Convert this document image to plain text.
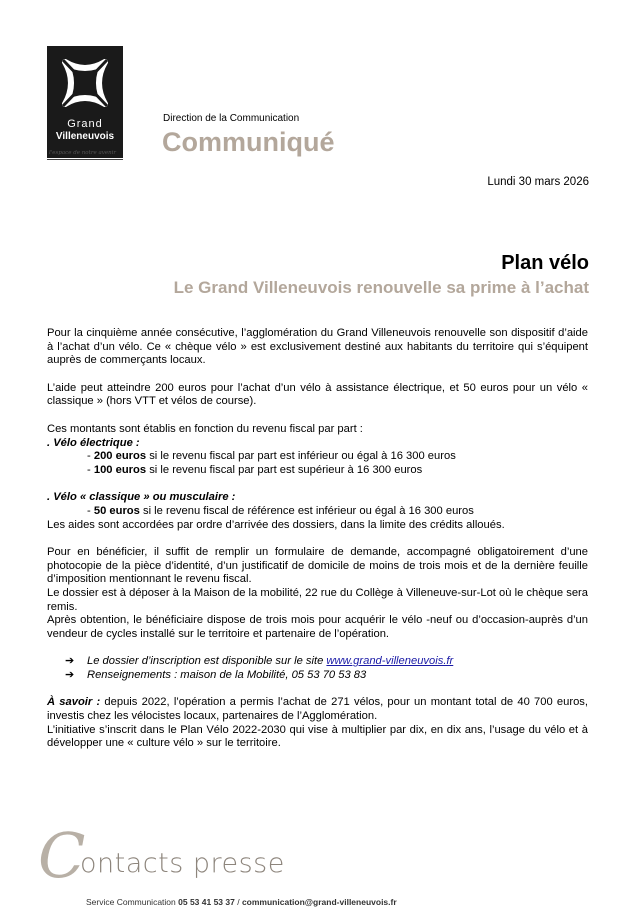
Grand
Villeneuvois
l'espace de notre avenir
Direction de la Communication
Communiqué
Lundi 30 mars 2026
Plan vélo
Le Grand Villeneuvois renouvelle sa prime à l’achat

Pour la cinquième année consécutive, l’agglomération du Grand Villeneuvois renouvelle son dispositif d’aide à l’achat d’un vélo. Ce « chèque vélo » est exclusivement destiné aux habitants du territoire qui s’équipent auprès de commerçants locaux.

L’aide peut atteindre 200 euros pour l’achat d’un vélo à assistance électrique, et 50 euros pour un vélo « classique » (hors VTT et vélos de course).

Ces montants sont établis en fonction du revenu fiscal par part :

. Vélo électrique :

- 200 euros si le revenu fiscal par part est inférieur ou égal à 16 300 euros

- 100 euros si le revenu fiscal par part est supérieur à 16 300 euros

. Vélo « classique » ou musculaire :

- 50 euros si le revenu fiscal de référence est inférieur ou égal à 16 300 euros

Les aides sont accordées par ordre d’arrivée des dossiers, dans la limite des crédits alloués.

Pour en bénéficier, il suffit de remplir un formulaire de demande, accompagné obligatoirement d’une photocopie de la pièce d’identité, d’un justificatif de domicile de moins de trois mois et de la dernière feuille d’imposition mentionnant le revenu fiscal.

Le dossier est à déposer à la Maison de la mobilité, 22 rue du Collège à Villeneuve-sur-Lot où le chèque sera remis.

Après obtention, le bénéficiaire dispose de trois mois pour acquérir le vélo -neuf ou d’occasion-auprès d’un vendeur de cycles installé sur le territoire et partenaire de l’opération.

➔	Le dossier d’inscription est disponible sur le site www.grand-villeneuvois.fr
➔	Renseignements : maison de la Mobilité, 05 53 70 53 83

À savoir : depuis 2022, l’opération a permis l’achat de 271 vélos, pour un montant total de 40 700 euros, investis chez les vélocistes locaux, partenaires de l’Agglomération.

L’initiative s’inscrit dans le Plan Vélo 2022-2030 qui vise à multiplier par dix, en dix ans, l’usage du vélo et à développer une « culture vélo » sur le territoire.

C
ontacts presse
Service Communication 05 53 41 53 37 / communication@grand-villeneuvois.fr
